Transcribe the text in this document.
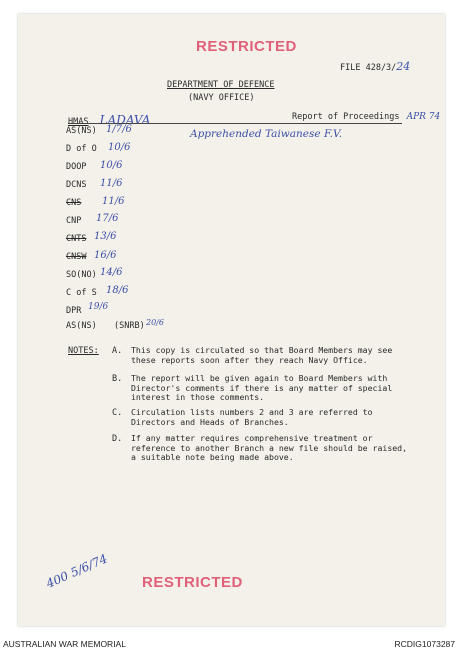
RESTRICTED
FILE 428/3/24
DEPARTMENT OF DEFENCE
(NAVY OFFICE)
HMAS LADAVA	Report of Proceedings APR 74
Apprehended Taiwanese F.V.
AS(NS) 1/7/6
D of O 10/6
DOOP 10/6
DCNS 11/6
CNS 11/6
CNP 17/6
CNTS 13/6
CNSW 16/6
SO(NO) 14/6
C of S 18/6
DPR 19/6
AS(NS) (SNRB) 20/6
NOTES: A. This copy is circulated so that Board Members may see these reports soon after they reach Navy Office.
B. The report will be given again to Board Members with Director's comments if there is any matter of special interest in those comments.
C. Circulation lists numbers 2 and 3 are referred to Directors and Heads of Branches.
D. If any matter requires comprehensive treatment or reference to another Branch a new file should be raised, a suitable note being made above.
400 5/6/74 RESTRICTED
AUSTRALIAN WAR MEMORIAL	RCDIG1073287
